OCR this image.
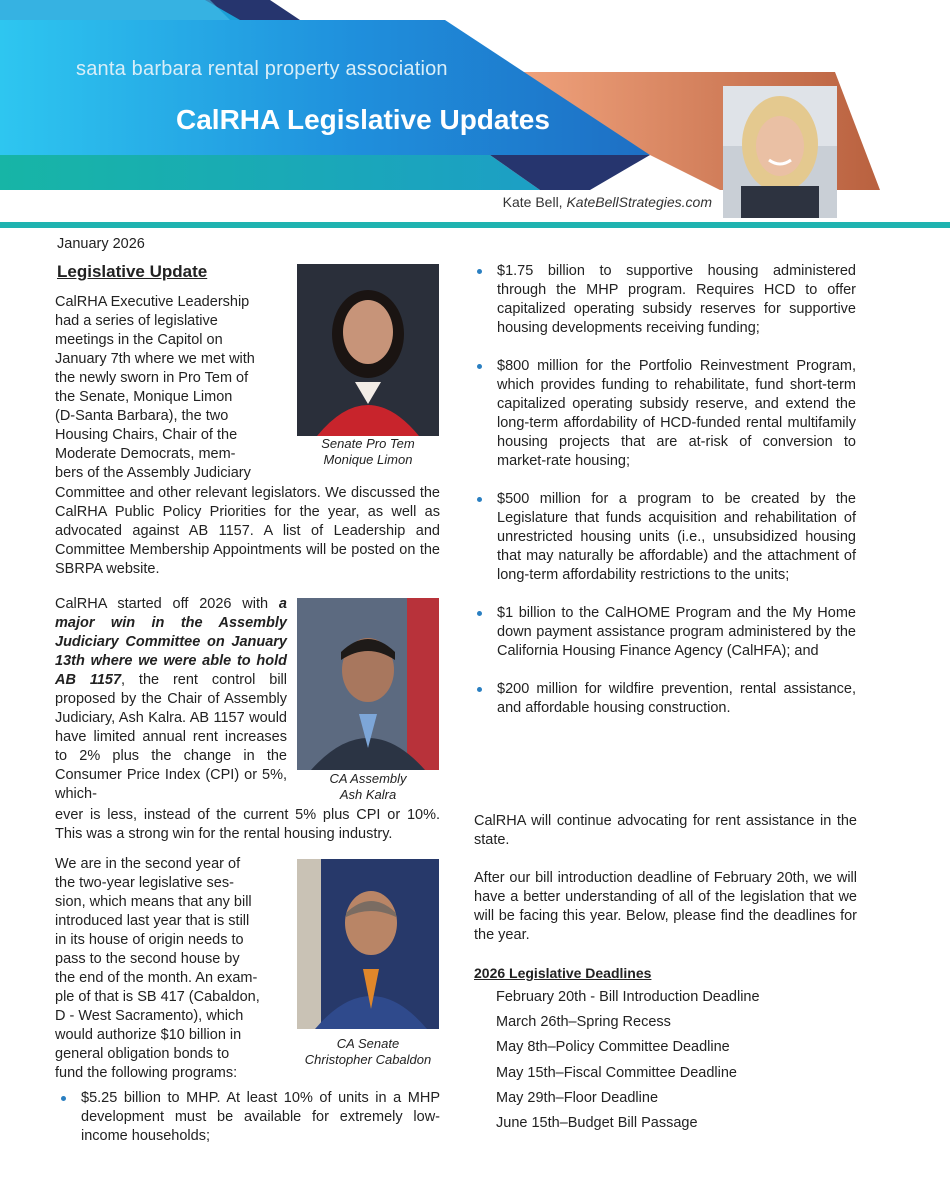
santa barbara rental property association
CalRHA Legislative Updates
Kate Bell, KateBellStrategies.com
January 2026
Legislative Update
CalRHA Executive Leadership
had a series of legislative
meetings in the Capitol on
January 7th where we met with
the newly sworn in Pro Tem of
the Senate, Monique Limon
(D-Santa Barbara), the two
Housing Chairs, Chair of the
Moderate Democrats, mem-
bers of the Assembly Judiciary
Senate Pro Tem
Monique Limon
Committee and other relevant legislators. We discussed the CalRHA Public Policy Priorities for the year, as well as advocated against AB 1157. A list of Leadership and Committee Membership Appointments will be posted on the SBRPA website.
CalRHA started off 2026 with a major win in the Assembly Judiciary Committee on January 13th where we were able to hold AB 1157, the rent control bill proposed by the Chair of Assembly Judiciary, Ash Kalra. AB 1157 would have limited annual rent increases to 2% plus the change in the Consumer Price Index (CPI) or 5%, which-
CA Assembly
Ash Kalra
ever is less, instead of the current 5% plus CPI or 10%. This was a strong win for the rental housing industry.
We are in the second year of
the two-year legislative ses-
sion, which means that any bill
introduced last year that is still
in its house of origin needs to
pass to the second house by
the end of the month. An exam-
ple of that is SB 417 (Cabaldon,
D - West Sacramento), which
would authorize $10 billion in
general obligation bonds to
fund the following programs:
CA Senate
Christopher Cabaldon
$5.25 billion to MHP. At least 10% of units in a MHP development must be available for extremely low-income households;
$1.75 billion to supportive housing administered through the MHP program. Requires HCD to offer capitalized operating subsidy reserves for supportive housing developments receiving funding;
$800 million for the Portfolio Reinvestment Program, which provides funding to rehabilitate, fund short-term capitalized operating subsidy reserve, and extend the long-term affordability of HCD-funded rental multifamily housing projects that are at-risk of conversion to market-rate housing;
$500 million for a program to be created by the Legislature that funds acquisition and rehabilitation of unrestricted housing units (i.e., unsubsidized housing that may naturally be affordable) and the attachment of long-term affordability restrictions to the units;
$1 billion to the CalHOME Program and the My Home down payment assistance program administered by the California Housing Finance Agency (CalHFA); and
$200 million for wildfire prevention, rental assistance, and affordable housing construction.
CalRHA will continue advocating for rent assistance in the state.
After our bill introduction deadline of February 20th, we will have a better understanding of all of the legislation that we will be facing this year. Below, please find the deadlines for the year.
2026 Legislative Deadlines
February 20th - Bill Introduction Deadline
March 26th–Spring Recess
May 8th–Policy Committee Deadline
May 15th–Fiscal Committee Deadline
May 29th–Floor Deadline
June 15th–Budget Bill Passage
